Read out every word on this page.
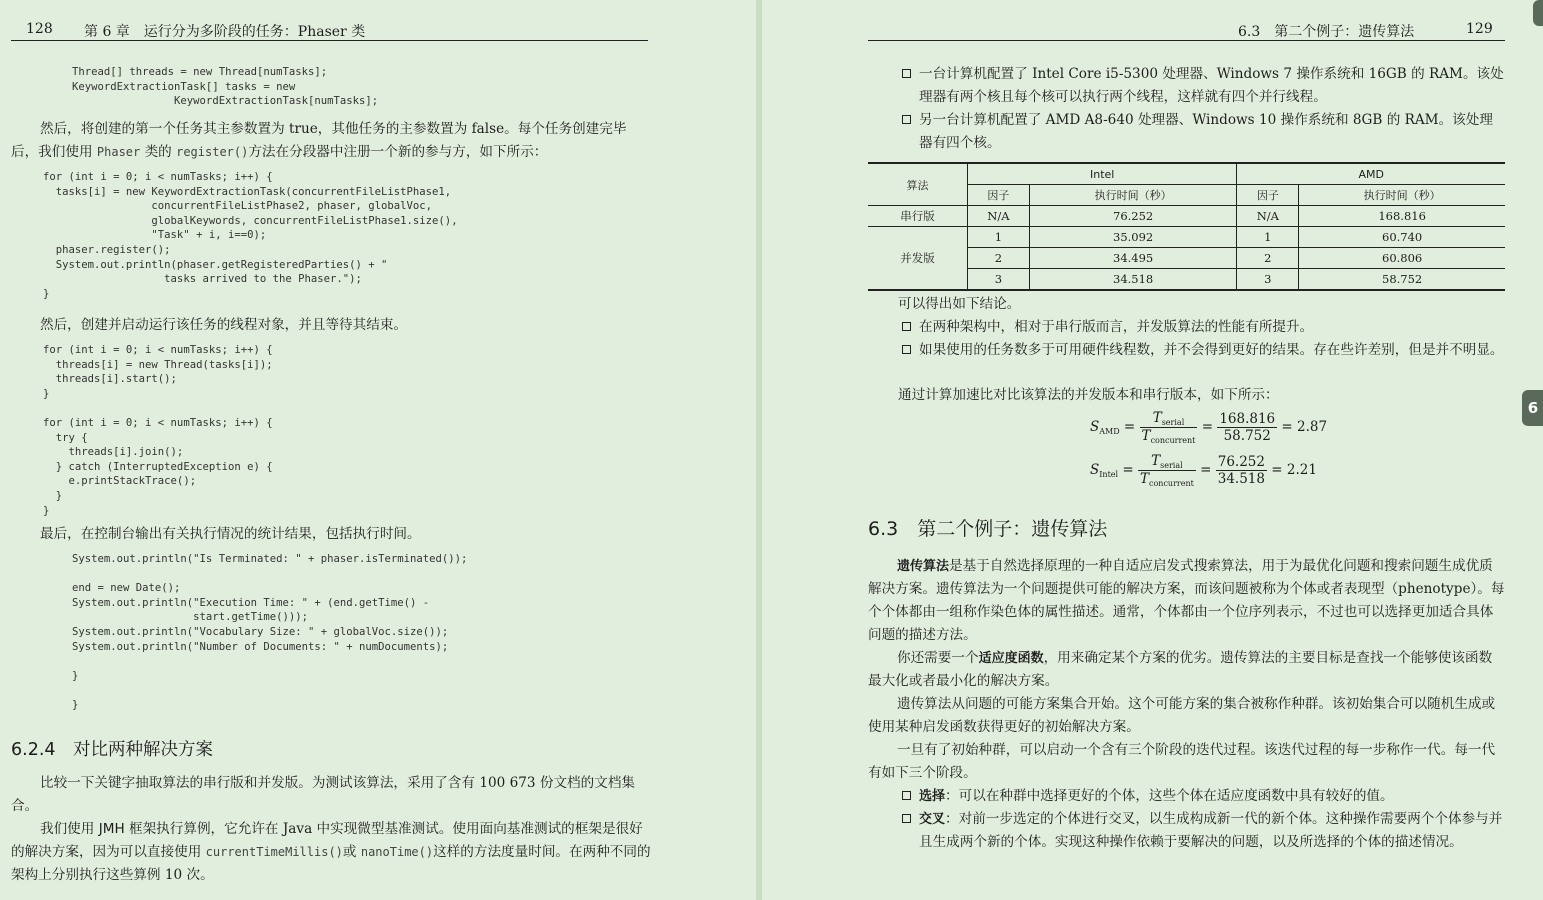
128 第 6 章　运行分为多阶段的任务：Phaser 类
Thread[] threads = new Thread[numTasks];
KeywordExtractionTask[] tasks = new
KeywordExtractionTask[numTasks];

然后，将创建的第一个任务其主参数置为 true，其他任务的主参数置为 false。每个任务创建完毕后，我们使用 Phaser 类的 register()方法在分段器中注册一个新的参与方，如下所示：

for (int i = 0; i < numTasks; i++) {
tasks[i] = new KeywordExtractionTask(concurrentFileListPhase1,
concurrentFileListPhase2, phaser, globalVoc,
globalKeywords, concurrentFileListPhase1.size(),
"Task" + i, i==0);
phaser.register();
System.out.println(phaser.getRegisteredParties() + "
tasks arrived to the Phaser.");
}

然后，创建并启动运行该任务的线程对象，并且等待其结束。

for (int i = 0; i < numTasks; i++) {
threads[i] = new Thread(tasks[i]);
threads[i].start();
}

for (int i = 0; i < numTasks; i++) {
try {
threads[i].join();
} catch (InterruptedException e) {
e.printStackTrace();
}
}

最后，在控制台输出有关执行情况的统计结果，包括执行时间。

System.out.println("Is Terminated: " + phaser.isTerminated());

end = new Date();
System.out.println("Execution Time: " + (end.getTime() -
start.getTime()));
System.out.println("Vocabulary Size: " + globalVoc.size());
System.out.println("Number of Documents: " + numDocuments);

}

}
6.2.4　对比两种解决方案

比较一下关键字抽取算法的串行版和并发版。为测试该算法，采用了含有 100 673 份文档的文档集合。

我们使用 JMH 框架执行算例，它允许在 Java 中实现微型基准测试。使用面向基准测试的框架是很好的解决方案，因为可以直接使用 currentTimeMillis()或 nanoTime()这样的方法度量时间。在两种不同的架构上分别执行这些算例 10 次。

6.3　第二个例子：遗传算法	129
一台计算机配置了 Intel Core i5-5300 处理器、Windows 7 操作系统和 16GB 的 RAM。该处理器有两个核且每个核可以执行两个线程，这样就有四个并行线程。
另一台计算机配置了 AMD A8-640 处理器、Windows 10 操作系统和 8GB 的 RAM。该处理器有四个核。
算法	Intel		AMD	
	因子	执行时间（秒）	因子	执行时间（秒）
串行版	N/A	76.252	N/A	168.816
并发版	1	35.092	1	60.740
	2	34.495	2	60.806
	3	34.518	3	58.752

可以得出如下结论。

在两种架构中，相对于串行版而言，并发版算法的性能有所提升。
如果使用的任务数多于可用硬件线程数，并不会得到更好的结果。存在些许差别，但是并不明显。

通过计算加速比对比该算法的并发版本和串行版本，如下所示：

$S_{AMD} = \frac{T_{serial}}{T_{concurrent}} = \frac{168.816}{58.752} = 2.87$
$S_{Intel} = \frac{T_{serial}}{T_{concurrent}} = \frac{76.252}{34.518} = 2.21$
6.3　第二个例子：遗传算法

遗传算法是基于自然选择原理的一种自适应启发式搜索算法，用于为最优化问题和搜索问题生成优质解决方案。遗传算法为一个问题提供可能的解决方案，而该问题被称为个体或者表现型（phenotype）。每个个体都由一组称作染色体的属性描述。通常，个体都由一个位序列表示，不过也可以选择更加适合具体问题的描述方法。

你还需要一个适应度函数，用来确定某个方案的优劣。遗传算法的主要目标是查找一个能够使该函数最大化或者最小化的解决方案。

遗传算法从问题的可能方案集合开始。这个可能方案的集合被称作种群。该初始集合可以随机生成或使用某种启发函数获得更好的初始解决方案。

一旦有了初始种群，可以启动一个含有三个阶段的迭代过程。该迭代过程的每一步称作一代。每一代有如下三个阶段。

选择：可以在种群中选择更好的个体，这些个体在适应度函数中具有较好的值。
交叉：对前一步选定的个体进行交叉，以生成构成新一代的新个体。这种操作需要两个个体参与并且生成两个新的个体。实现这种操作依赖于要解决的问题，以及所选择的个体的描述情况。
6
